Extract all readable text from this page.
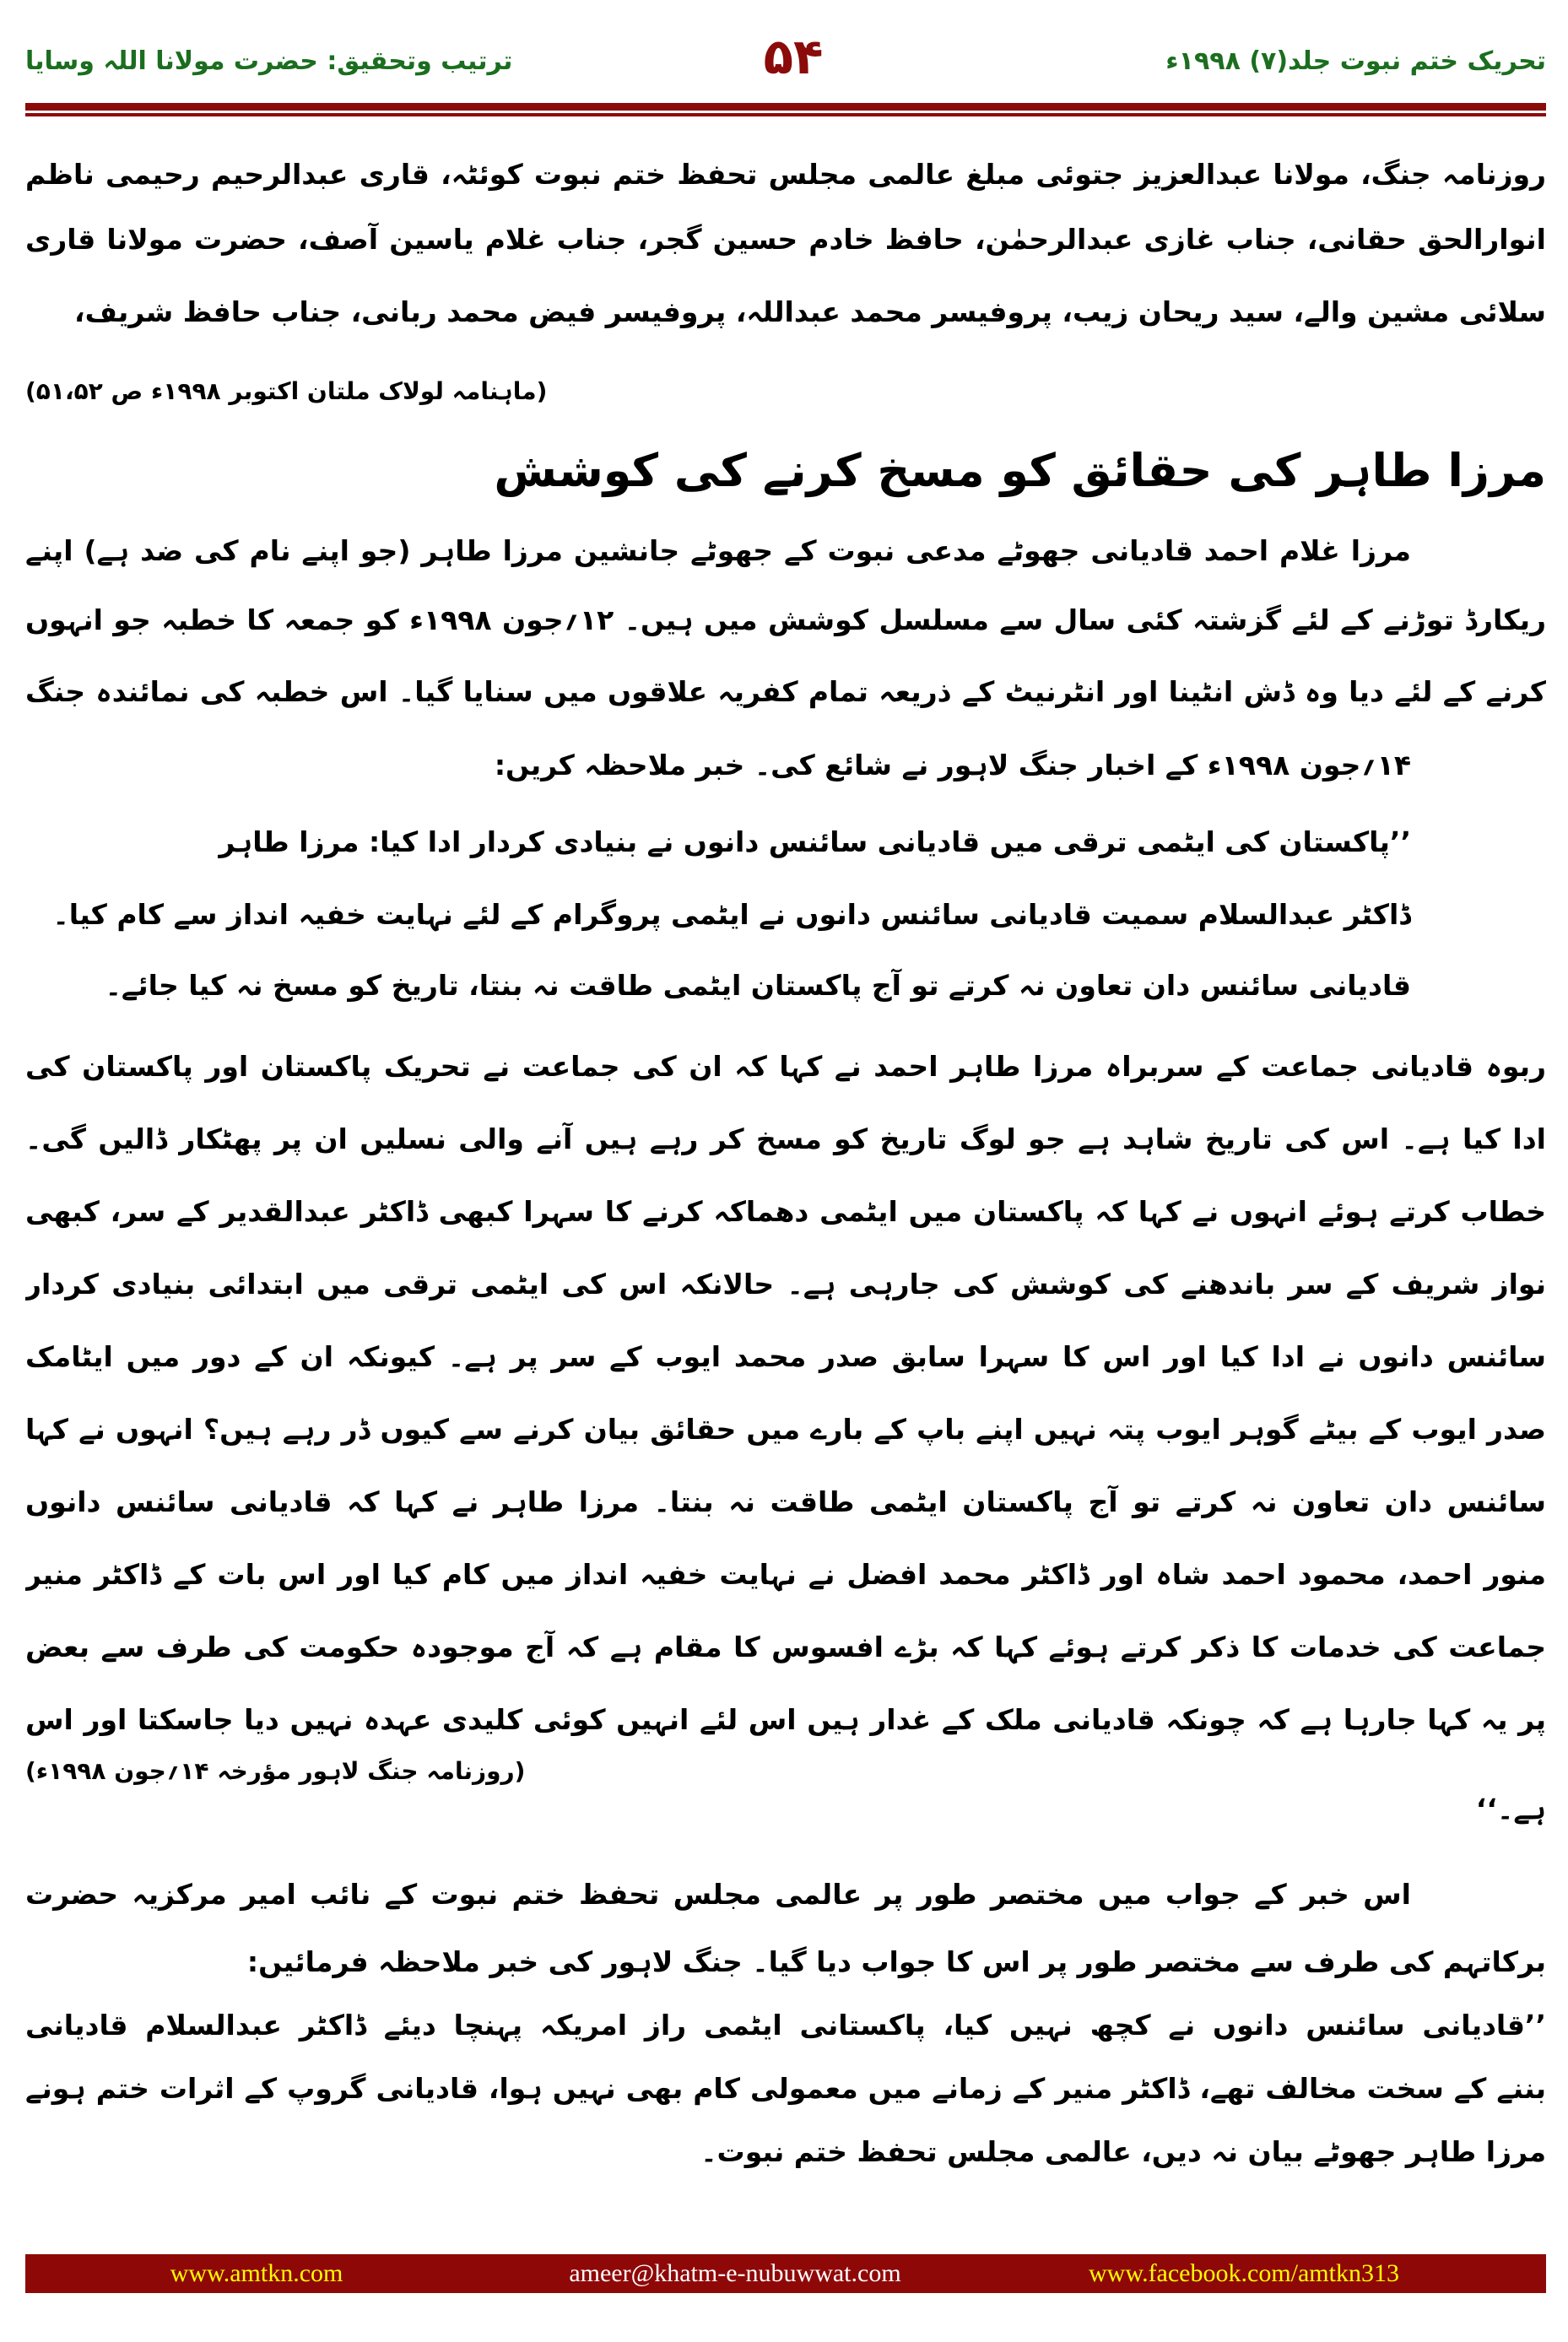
تحریک ختم نبوت جلد(۷) ۱۹۹۸ء
۵۴
ترتیب وتحقیق: حضرت مولانا اللہ وسایا
روزنامہ جنگ، مولانا عبدالعزیز جتوئی مبلغ عالمی مجلس تحفظ ختم نبوت کوئٹہ، قاری عبدالرحیم رحیمی ناظم
انوارالحق حقانی، جناب غازی عبدالرحمٰن، حافظ خادم حسین گجر، جناب غلام یاسین آصف، حضرت مولانا قاری
سلائی مشین والے، سید ریحان زیب، پروفیسر محمد عبداللہ، پروفیسر فیض محمد ربانی، جناب حافظ شریف،
(ماہنامہ لولاک ملتان اکتوبر ۱۹۹۸ء ص ۵۱،۵۲)
مرزا طاہر کی حقائق کو مسخ کرنے کی کوشش
مرزا غلام احمد قادیانی جھوٹے مدعی نبوت کے جھوٹے جانشین مرزا طاہر (جو اپنے نام کی ضد ہے) اپنے
ریکارڈ توڑنے کے لئے گزشتہ کئی سال سے مسلسل کوشش میں ہیں۔ ۱۲؍جون ۱۹۹۸ء کو جمعہ کا خطبہ جو انہوں
کرنے کے لئے دیا وہ ڈش انٹینا اور انٹرنیٹ کے ذریعہ تمام کفریہ علاقوں میں سنایا گیا۔ اس خطبہ کی نمائندہ جنگ
۱۴؍جون ۱۹۹۸ء کے اخبار جنگ لاہور نے شائع کی۔ خبر ملاحظہ کریں:
’’پاکستان کی ایٹمی ترقی میں قادیانی سائنس دانوں نے بنیادی کردار ادا کیا: مرزا طاہر
ڈاکٹر عبدالسلام سمیت قادیانی سائنس دانوں نے ایٹمی پروگرام کے لئے نہایت خفیہ انداز سے کام کیا۔
قادیانی سائنس دان تعاون نہ کرتے تو آج پاکستان ایٹمی طاقت نہ بنتا، تاریخ کو مسخ نہ کیا جائے۔
ربوہ قادیانی جماعت کے سربراہ مرزا طاہر احمد نے کہا کہ ان کی جماعت نے تحریک پاکستان اور پاکستان کی
ادا کیا ہے۔ اس کی تاریخ شاہد ہے جو لوگ تاریخ کو مسخ کر رہے ہیں آنے والی نسلیں ان پر پھٹکار ڈالیں گی۔
خطاب کرتے ہوئے انہوں نے کہا کہ پاکستان میں ایٹمی دھماکہ کرنے کا سہرا کبھی ڈاکٹر عبدالقدیر کے سر، کبھی
نواز شریف کے سر باندھنے کی کوشش کی جارہی ہے۔ حالانکہ اس کی ایٹمی ترقی میں ابتدائی بنیادی کردار
سائنس دانوں نے ادا کیا اور اس کا سہرا سابق صدر محمد ایوب کے سر پر ہے۔ کیونکہ ان کے دور میں ایٹامک
صدر ایوب کے بیٹے گوہر ایوب پتہ نہیں اپنے باپ کے بارے میں حقائق بیان کرنے سے کیوں ڈر رہے ہیں؟ انہوں نے کہا
سائنس دان تعاون نہ کرتے تو آج پاکستان ایٹمی طاقت نہ بنتا۔ مرزا طاہر نے کہا کہ قادیانی سائنس دانوں
منور احمد، محمود احمد شاہ اور ڈاکٹر محمد افضل نے نہایت خفیہ انداز میں کام کیا اور اس بات کے ڈاکٹر منیر
جماعت کی خدمات کا ذکر کرتے ہوئے کہا کہ بڑے افسوس کا مقام ہے کہ آج موجودہ حکومت کی طرف سے بعض
پر یہ کہا جارہا ہے کہ چونکہ قادیانی ملک کے غدار ہیں اس لئے انہیں کوئی کلیدی عہدہ نہیں دیا جاسکتا اور اس
ہے۔‘‘
(روزنامہ جنگ لاہور مؤرخہ ۱۴؍جون ۱۹۹۸ء)
اس خبر کے جواب میں مختصر طور پر عالمی مجلس تحفظ ختم نبوت کے نائب امیر مرکزیہ حضرت
برکاتہم کی طرف سے مختصر طور پر اس کا جواب دیا گیا۔ جنگ لاہور کی خبر ملاحظہ فرمائیں:
’’قادیانی سائنس دانوں نے کچھ نہیں کیا، پاکستانی ایٹمی راز امریکہ پہنچا دیئے ڈاکٹر عبدالسلام قادیانی
بننے کے سخت مخالف تھے، ڈاکٹر منیر کے زمانے میں معمولی کام بھی نہیں ہوا، قادیانی گروپ کے اثرات ختم ہونے
مرزا طاہر جھوٹے بیان نہ دیں، عالمی مجلس تحفظ ختم نبوت۔
www.amtkn.com	ameer@khatm-e-nubuwwat.com	www.facebook.com/amtkn313
